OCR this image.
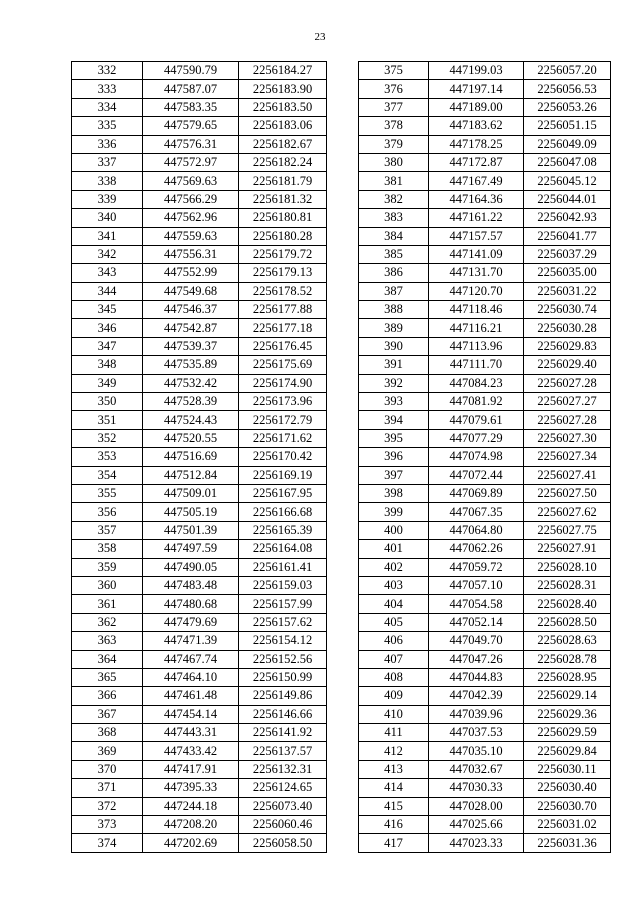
23
332	447590.79	2256184.27
333	447587.07	2256183.90
334	447583.35	2256183.50
335	447579.65	2256183.06
336	447576.31	2256182.67
337	447572.97	2256182.24
338	447569.63	2256181.79
339	447566.29	2256181.32
340	447562.96	2256180.81
341	447559.63	2256180.28
342	447556.31	2256179.72
343	447552.99	2256179.13
344	447549.68	2256178.52
345	447546.37	2256177.88
346	447542.87	2256177.18
347	447539.37	2256176.45
348	447535.89	2256175.69
349	447532.42	2256174.90
350	447528.39	2256173.96
351	447524.43	2256172.79
352	447520.55	2256171.62
353	447516.69	2256170.42
354	447512.84	2256169.19
355	447509.01	2256167.95
356	447505.19	2256166.68
357	447501.39	2256165.39
358	447497.59	2256164.08
359	447490.05	2256161.41
360	447483.48	2256159.03
361	447480.68	2256157.99
362	447479.69	2256157.62
363	447471.39	2256154.12
364	447467.74	2256152.56
365	447464.10	2256150.99
366	447461.48	2256149.86
367	447454.14	2256146.66
368	447443.31	2256141.92
369	447433.42	2256137.57
370	447417.91	2256132.31
371	447395.33	2256124.65
372	447244.18	2256073.40
373	447208.20	2256060.46
374	447202.69	2256058.50
375	447199.03	2256057.20
376	447197.14	2256056.53
377	447189.00	2256053.26
378	447183.62	2256051.15
379	447178.25	2256049.09
380	447172.87	2256047.08
381	447167.49	2256045.12
382	447164.36	2256044.01
383	447161.22	2256042.93
384	447157.57	2256041.77
385	447141.09	2256037.29
386	447131.70	2256035.00
387	447120.70	2256031.22
388	447118.46	2256030.74
389	447116.21	2256030.28
390	447113.96	2256029.83
391	447111.70	2256029.40
392	447084.23	2256027.28
393	447081.92	2256027.27
394	447079.61	2256027.28
395	447077.29	2256027.30
396	447074.98	2256027.34
397	447072.44	2256027.41
398	447069.89	2256027.50
399	447067.35	2256027.62
400	447064.80	2256027.75
401	447062.26	2256027.91
402	447059.72	2256028.10
403	447057.10	2256028.31
404	447054.58	2256028.40
405	447052.14	2256028.50
406	447049.70	2256028.63
407	447047.26	2256028.78
408	447044.83	2256028.95
409	447042.39	2256029.14
410	447039.96	2256029.36
411	447037.53	2256029.59
412	447035.10	2256029.84
413	447032.67	2256030.11
414	447030.33	2256030.40
415	447028.00	2256030.70
416	447025.66	2256031.02
417	447023.33	2256031.36
